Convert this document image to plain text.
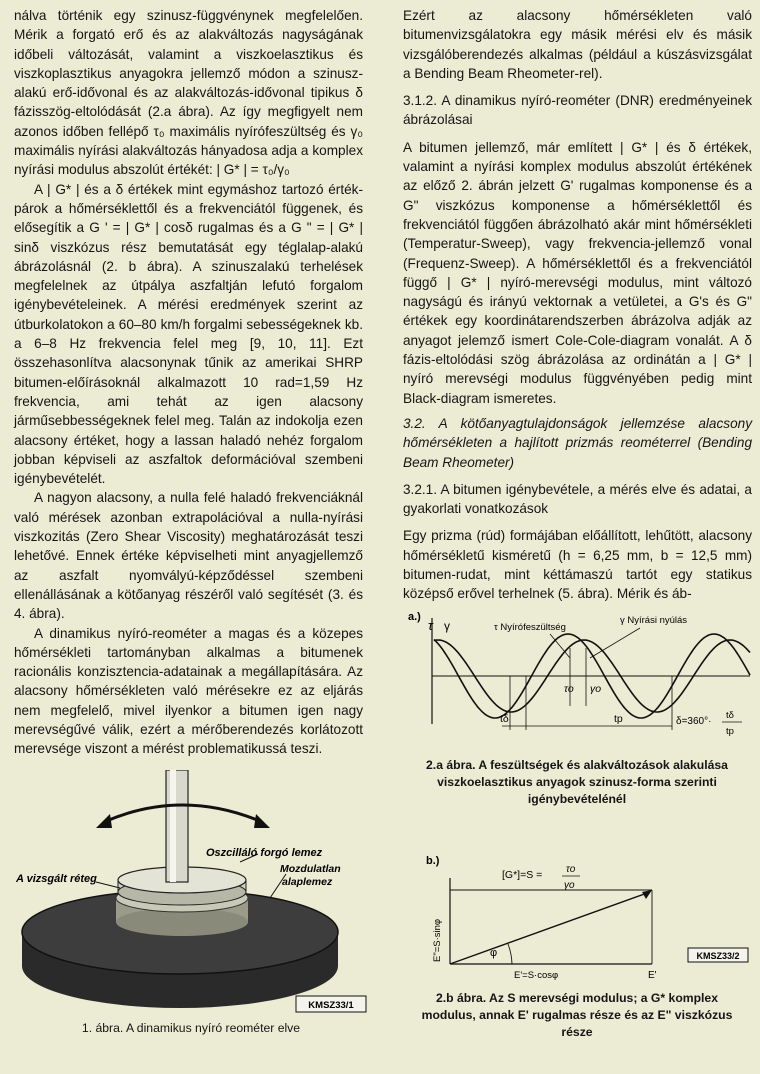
nálva történik egy szinusz-függvénynek megfelelően. Mérik a forgató erő és az alakváltozás nagyságának időbeli változását, valamint a viszkoelasztikus és viszkoplasztikus anyagokra jellemző módon a szinusz-alakú erő-idővonal és az alakváltozás-idővonal tipikus δ fázisszög-eltolódását (2.a ábra). Az így megfigyelt nem azonos időben fellépő τ₀ maximális nyírófeszültség és γ₀ maximális nyírási alakváltozás hányadosa adja a komplex nyírási modulus abszolút értékét: | G* | = τ₀/γ₀

A | G* | és a δ értékek mint egymáshoz tartozó érték-párok a hőmérséklettől és a frekvenciától függenek, és elősegítik a G ' = | G* | cosδ rugalmas és a G " = | G* | sinδ viszkózus rész bemutatását egy téglalap-alakú ábrázolásnál (2. b ábra). A szinuszalakú terhelések megfelelnek az útpálya aszfaltján lefutó forgalom igénybevételeinek. A mérési eredmények szerint az útburkolatokon a 60–80 km/h forgalmi sebességeknek kb. a 6–8 Hz frekvencia felel meg [9, 10, 11]. Ezt összehasonlítva alacsonynak tűnik az amerikai SHRP bitumen-előírásoknál alkalmazott 10 rad=1,59 Hz frekvencia, ami tehát az igen alacsony járműsebbességeknek felel meg. Talán az indokolja ezen alacsony értéket, hogy a lassan haladó nehéz forgalom jobban képviseli az aszfaltok deformációval szembeni igénybevételét.

A nagyon alacsony, a nulla felé haladó frekvenciáknál való mérések azonban extrapolációval a nulla-nyírási viszkozitás (Zero Shear Viscosity) meghatározását teszi lehetővé. Ennek értéke képviselheti mint anyagjellemző az aszfalt nyomvályú-képződéssel szembeni ellenállásának a kötőanyag részéről való segítését (3. és 4. ábra).

A dinamikus nyíró-reométer a magas és a közepes hőmérsékleti tartományban alkalmas a bitumenek racionális konzisztencia-adatainak a megállapítására. Az alacsony hőmérsékleten való mérésekre ez az eljárás nem megfelelő, mivel ilyenkor a bitumen igen nagy merevségűvé válik, ezért a mérőberendezés korlátozott merevsége viszont a mérést problematikussá teszi.

Ezért az alacsony hőmérsékleten való bitumenvizsgálatokra egy másik mérési elv és másik vizsgálóberendezés alkalmas (például a kúszásvizsgálat a Bending Beam Rheometer-rel).

3.1.2. A dinamikus nyíró-reométer (DNR) eredményeinek ábrázolásai

A bitumen jellemző, már említett | G* | és δ értékek, valamint a nyírási komplex modulus abszolút értékének az előző 2. ábrán jelzett G' rugalmas komponense és a G" viszkózus komponense a hőmérséklettől és frekvenciától függően ábrázolható akár mint hőmérsékleti (Temperatur-Sweep), vagy frekvencia-jellemző vonal (Frequenz-Sweep). A hőmérséklettől és a frekvenciától függő | G* | nyíró-merevségi modulus, mint változó nagyságú és irányú vektornak a vetületei, a G's és G" értékek egy koordinátarendszerben ábrázolva adják az anyagot jelemző ismert Cole-Cole-diagram vonalát. A δ fázis-eltolódási szög ábrázolása az ordinátán a | G* | nyíró merevségi modulus függvényében pedig mint Black-diagram ismeretes.

3.2. A kötőanyagtulajdonságok jellemzése alacsony hőmérsékleten a hajlított prizmás reométerrel (Bending Beam Rheometer)

3.2.1. A bitumen igénybevétele, a mérés elve és adatai, a gyakorlati vonatkozások

Egy prizma (rúd) formájában előállított, lehűtött, alacsony hőmérsékletű kisméretű (h = 6,25 mm, b = 12,5 mm) bitumen-rudat, mint kéttámaszú tartót egy statikus középső erővel terhelnek (5. ábra). Mérik és áb-

Oszcilláló forgó lemez
A vizsgált réteg
Mozdulatlan alaplemez
KMSZ33/1
1. ábra. A dinamikus nyíró reométer elve
a.)
τ γ	τ Nyírófeszültség
γ Nyírási nyúlás
τo γo
tδ	tp	δ=360°·
tδ
tp
2.a ábra. A feszültségek és alakváltozások alakulása viszkoelasztikus anyagok szinusz-forma szerinti igénybevételénél
b.)
[G*]=S = τo
γo
φ
E"=S·sinφ
E'=S·cosφ	E'
KMSZ33/2
2.b ábra. Az S merevségi modulus; a G* komplex modulus, annak E' rugalmas része és az E" viszkózus része
